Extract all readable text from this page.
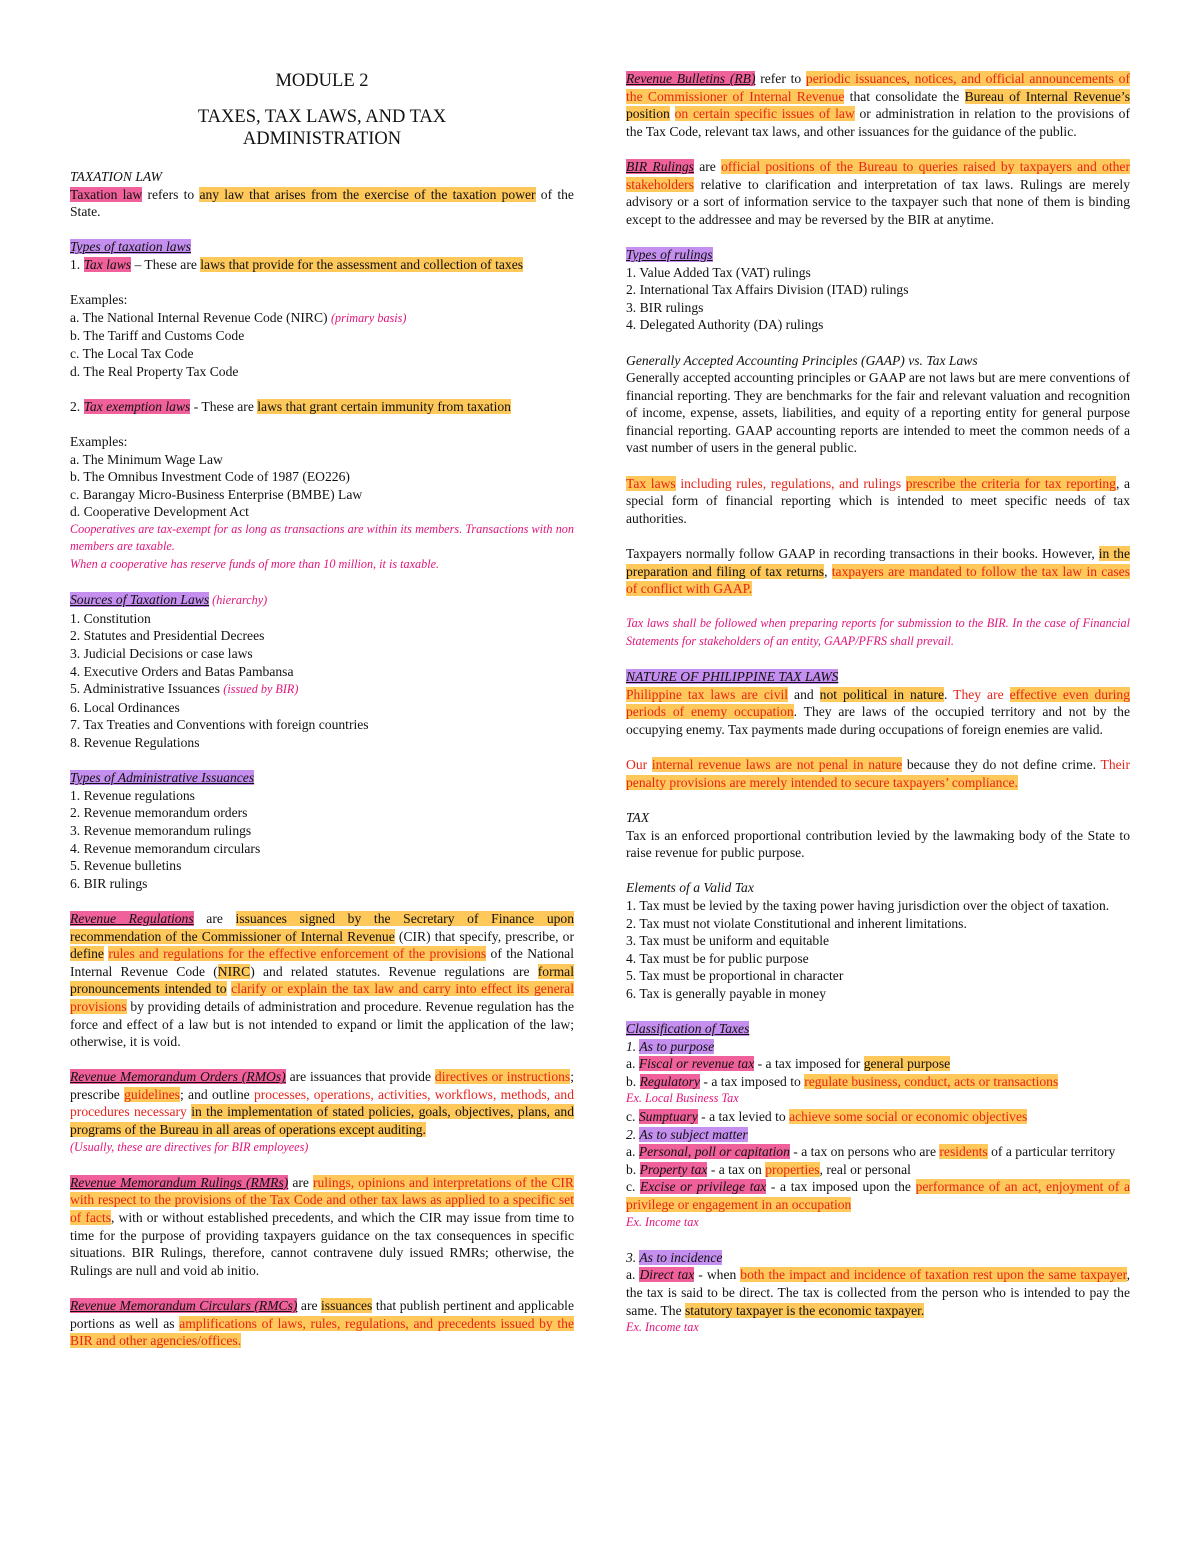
MODULE 2
TAXES, TAX LAWS, AND TAX
ADMINISTRATION

TAXATION LAW

Taxation law refers to any law that arises from the exercise of the taxation power of the State.

Types of taxation laws

1. Tax laws – These are laws that provide for the assessment and collection of taxes

Examples:

a. The National Internal Revenue Code (NIRC) (primary basis)

b. The Tariff and Customs Code

c. The Local Tax Code

d. The Real Property Tax Code

2. Tax exemption laws - These are laws that grant certain immunity from taxation

Examples:

a. The Minimum Wage Law

b. The Omnibus Investment Code of 1987 (EO226)

c. Barangay Micro-Business Enterprise (BMBE) Law

d. Cooperative Development Act

Cooperatives are tax-exempt for as long as transactions are within its members. Transactions with non members are taxable.

When a cooperative has reserve funds of more than 10 million, it is taxable.

Sources of Taxation Laws (hierarchy)

1. Constitution

2. Statutes and Presidential Decrees

3. Judicial Decisions or case laws

4. Executive Orders and Batas Pambansa

5. Administrative Issuances (issued by BIR)

6. Local Ordinances

7. Tax Treaties and Conventions with foreign countries

8. Revenue Regulations

Types of Administrative Issuances

1. Revenue regulations

2. Revenue memorandum orders

3. Revenue memorandum rulings

4. Revenue memorandum circulars

5. Revenue bulletins

6. BIR rulings

Revenue Regulations are issuances signed by the Secretary of Finance upon recommendation of the Commissioner of Internal Revenue (CIR) that specify, prescribe, or define rules and regulations for the effective enforcement of the provisions of the National Internal Revenue Code (NIRC) and related statutes. Revenue regulations are formal pronouncements intended to clarify or explain the tax law and carry into effect its general provisions by providing details of administration and procedure. Revenue regulation has the force and effect of a law but is not intended to expand or limit the application of the law; otherwise, it is void.

Revenue Memorandum Orders (RMOs) are issuances that provide directives or instructions; prescribe guidelines; and outline processes, operations, activities, workflows, methods, and procedures necessary in the implementation of stated policies, goals, objectives, plans, and programs of the Bureau in all areas of operations except auditing.

(Usually, these are directives for BIR employees)

Revenue Memorandum Rulings (RMRs) are rulings, opinions and interpretations of the CIR with respect to the provisions of the Tax Code and other tax laws as applied to a specific set of facts, with or without established precedents, and which the CIR may issue from time to time for the purpose of providing taxpayers guidance on the tax consequences in specific situations. BIR Rulings, therefore, cannot contravene duly issued RMRs; otherwise, the Rulings are null and void ab initio.

Revenue Memorandum Circulars (RMCs) are issuances that publish pertinent and applicable portions as well as amplifications of laws, rules, regulations, and precedents issued by the BIR and other agencies/offices.

Revenue Bulletins (RB) refer to periodic issuances, notices, and official announcements of the Commissioner of Internal Revenue that consolidate the Bureau of Internal Revenue’s position on certain specific issues of law or administration in relation to the provisions of the Tax Code, relevant tax laws, and other issuances for the guidance of the public.

BIR Rulings are official positions of the Bureau to queries raised by taxpayers and other stakeholders relative to clarification and interpretation of tax laws. Rulings are merely advisory or a sort of information service to the taxpayer such that none of them is binding except to the addressee and may be reversed by the BIR at anytime.

Types of rulings

1. Value Added Tax (VAT) rulings

2. International Tax Affairs Division (ITAD) rulings

3. BIR rulings

4. Delegated Authority (DA) rulings

Generally Accepted Accounting Principles (GAAP) vs. Tax Laws

Generally accepted accounting principles or GAAP are not laws but are mere conventions of financial reporting. They are benchmarks for the fair and relevant valuation and recognition of income, expense, assets, liabilities, and equity of a reporting entity for general purpose financial reporting. GAAP accounting reports are intended to meet the common needs of a vast number of users in the general public.

Tax laws including rules, regulations, and rulings prescribe the criteria for tax reporting, a special form of financial reporting which is intended to meet specific needs of tax authorities.

Taxpayers normally follow GAAP in recording transactions in their books. However, in the preparation and filing of tax returns, taxpayers are mandated to follow the tax law in cases of conflict with GAAP.

Tax laws shall be followed when preparing reports for submission to the BIR. In the case of Financial Statements for stakeholders of an entity, GAAP/PFRS shall prevail.

NATURE OF PHILIPPINE TAX LAWS

Philippine tax laws are civil and not political in nature. They are effective even during periods of enemy occupation. They are laws of the occupied territory and not by the occupying enemy. Tax payments made during occupations of foreign enemies are valid.

Our internal revenue laws are not penal in nature because they do not define crime. Their penalty provisions are merely intended to secure taxpayers’ compliance.

TAX

Tax is an enforced proportional contribution levied by the lawmaking body of the State to raise revenue for public purpose.

Elements of a Valid Tax

1. Tax must be levied by the taxing power having jurisdiction over the object of taxation.

2. Tax must not violate Constitutional and inherent limitations.

3. Tax must be uniform and equitable

4. Tax must be for public purpose

5. Tax must be proportional in character

6. Tax is generally payable in money

Classification of Taxes

1. As to purpose

a. Fiscal or revenue tax - a tax imposed for general purpose

b. Regulatory - a tax imposed to regulate business, conduct, acts or transactions

Ex. Local Business Tax

c. Sumptuary - a tax levied to achieve some social or economic objectives

2. As to subject matter

a. Personal, poll or capitation - a tax on persons who are residents of a particular territory

b. Property tax - a tax on properties, real or personal

c. Excise or privilege tax - a tax imposed upon the performance of an act, enjoyment of a privilege or engagement in an occupation

Ex. Income tax

3. As to incidence

a. Direct tax - when both the impact and incidence of taxation rest upon the same taxpayer, the tax is said to be direct. The tax is collected from the person who is intended to pay the same. The statutory taxpayer is the economic taxpayer.

Ex. Income tax
